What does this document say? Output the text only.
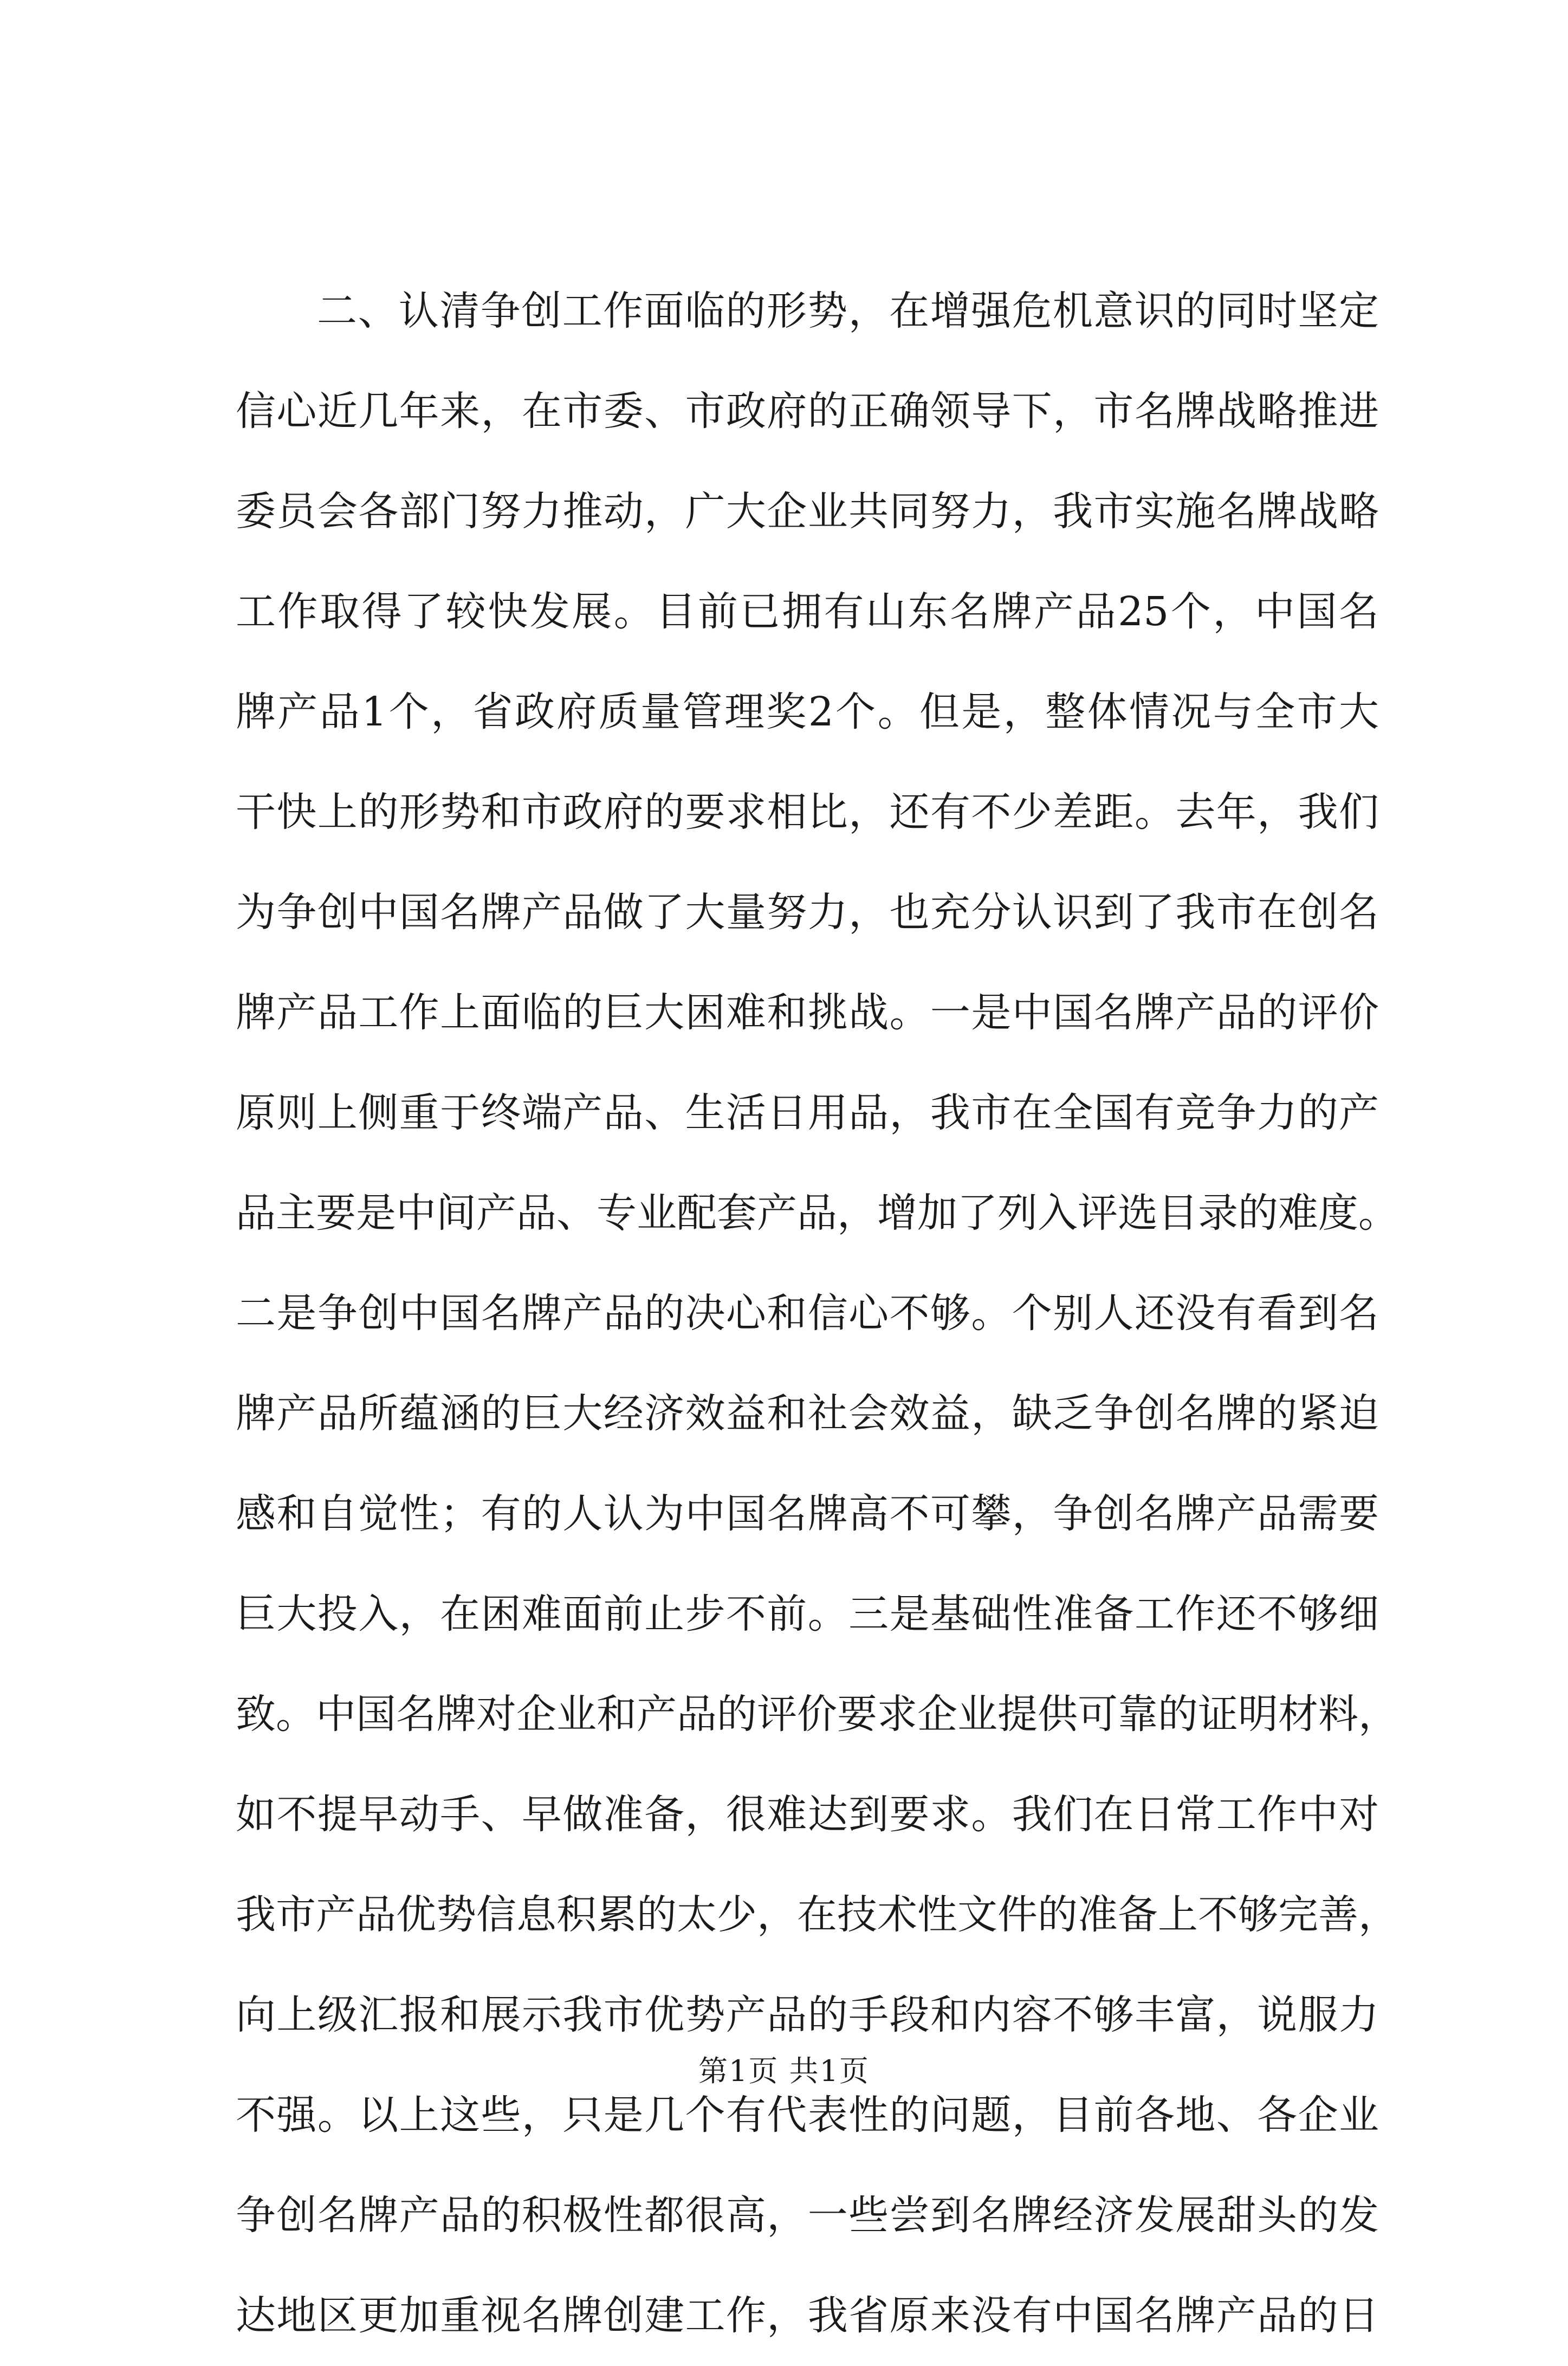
二、认清争创工作面临的形势，在增强危机意识的同时坚定
信心近几年来，在市委、市政府的正确领导下，市名牌战略推进
委员会各部门努力推动，广大企业共同努力，我市实施名牌战略
工作取得了较快发展。目前已拥有山东名牌产品25个，中国名
牌产品1个，省政府质量管理奖2个。但是，整体情况与全市大
干快上的形势和市政府的要求相比，还有不少差距。去年，我们
为争创中国名牌产品做了大量努力，也充分认识到了我市在创名
牌产品工作上面临的巨大困难和挑战。一是中国名牌产品的评价
原则上侧重于终端产品、生活日用品，我市在全国有竞争力的产
品主要是中间产品、专业配套产品，增加了列入评选目录的难度。
二是争创中国名牌产品的决心和信心不够。个别人还没有看到名
牌产品所蕴涵的巨大经济效益和社会效益，缺乏争创名牌的紧迫
感和自觉性；有的人认为中国名牌高不可攀，争创名牌产品需要
巨大投入，在困难面前止步不前。三是基础性准备工作还不够细
致。中国名牌对企业和产品的评价要求企业提供可靠的证明材料，
如不提早动手、早做准备，很难达到要求。我们在日常工作中对
我市产品优势信息积累的太少，在技术性文件的准备上不够完善，
向上级汇报和展示我市优势产品的手段和内容不够丰富，说服力
不强。以上这些，只是几个有代表性的问题，目前各地、各企业
争创名牌产品的积极性都很高，一些尝到名牌经济发展甜头的发
达地区更加重视名牌创建工作，我省原来没有中国名牌产品的日
第1页 共1页
